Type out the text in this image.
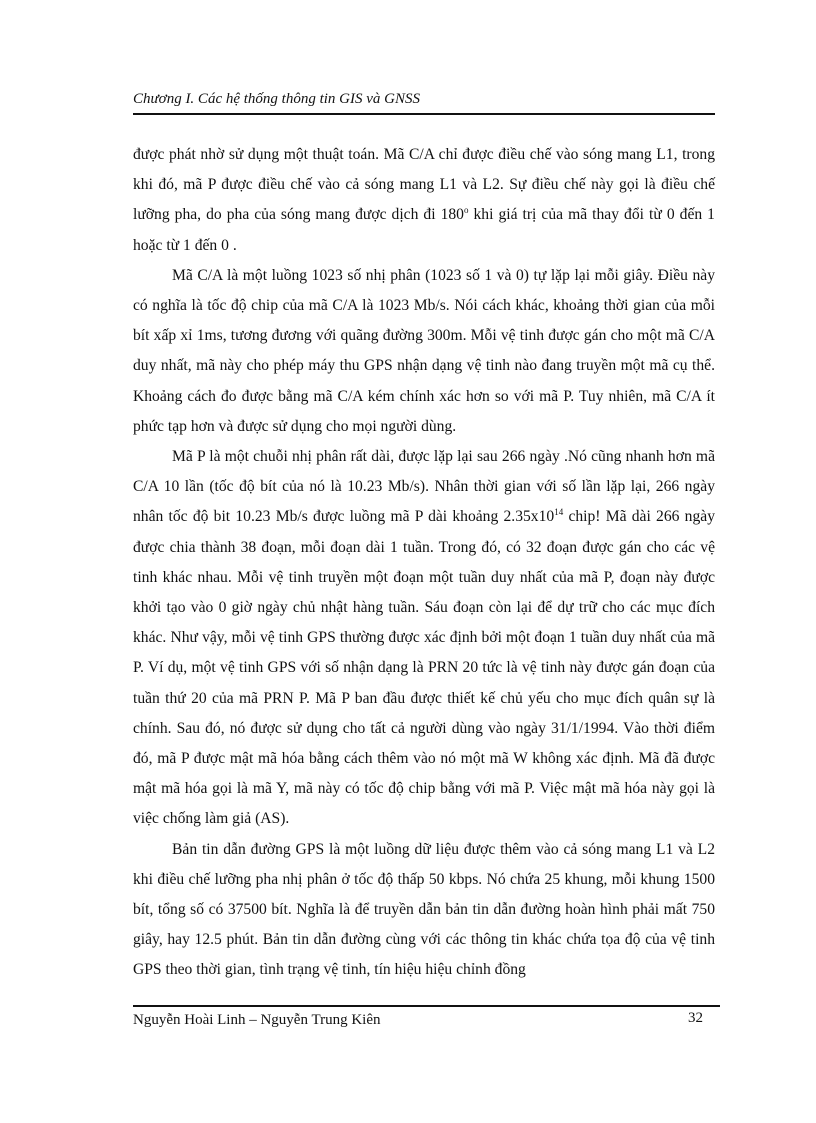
Chương I. Các hệ thống thông tin GIS và GNSS

được phát nhờ sử dụng một thuật toán. Mã C/A chỉ được điều chế vào sóng mang L1, trong khi đó, mã P được điều chế vào cả sóng mang L1 và L2. Sự điều chế này gọi là điều chế lưỡng pha, do pha của sóng mang được dịch đi 180$^o$ khi giá trị của mã thay đổi từ 0 đến 1 hoặc từ 1 đến 0 .

Mã C/A là một luồng 1023 số nhị phân (1023 số 1 và 0) tự lặp lại mỗi giây. Điều này có nghĩa là tốc độ chip của mã C/A là 1023 Mb/s. Nói cách khác, khoảng thời gian của mỗi bít xấp xỉ 1ms, tương đương với quãng đường 300m. Mỗi vệ tinh được gán cho một mã C/A duy nhất, mã này cho phép máy thu GPS nhận dạng vệ tinh nào đang truyền một mã cụ thể. Khoảng cách đo được bằng mã C/A kém chính xác hơn so với mã P. Tuy nhiên, mã C/A ít phức tạp hơn và được sử dụng cho mọi người dùng.

Mã P là một chuỗi nhị phân rất dài, được lặp lại sau 266 ngày .Nó cũng nhanh hơn mã C/A 10 lần (tốc độ bít của nó là 10.23 Mb/s). Nhân thời gian với số lần lặp lại, 266 ngày nhân tốc độ bit 10.23 Mb/s được luồng mã P dài khoảng $2.35x10^{14}$ chip! Mã dài 266 ngày được chia thành 38 đoạn, mỗi đoạn dài 1 tuần. Trong đó, có 32 đoạn được gán cho các vệ tinh khác nhau. Mỗi vệ tinh truyền một đoạn một tuần duy nhất của mã P, đoạn này được khởi tạo vào 0 giờ ngày chủ nhật hàng tuần. Sáu đoạn còn lại để dự trữ cho các mục đích khác. Như vậy, mỗi vệ tinh GPS thường được xác định bởi một đoạn 1 tuần duy nhất của mã P. Ví dụ, một vệ tinh GPS với số nhận dạng là PRN 20 tức là vệ tinh này được gán đoạn của tuần thứ 20 của mã PRN P. Mã P ban đầu được thiết kế chủ yếu cho mục đích quân sự là chính. Sau đó, nó được sử dụng cho tất cả người dùng vào ngày 31/1/1994. Vào thời điểm đó, mã P được mật mã hóa bằng cách thêm vào nó một mã W không xác định. Mã đã được mật mã hóa gọi là mã Y, mã này có tốc độ chip bằng với mã P. Việc mật mã hóa này gọi là việc chống làm giả (AS).

Bản tin dẫn đường GPS là một luồng dữ liệu được thêm vào cả sóng mang L1 và L2 khi điều chế lưỡng pha nhị phân ở tốc độ thấp 50 kbps. Nó chứa 25 khung, mỗi khung 1500 bít, tổng số có 37500 bít. Nghĩa là để truyền dẫn bản tin dẫn đường hoàn hình phải mất 750 giây, hay 12.5 phút. Bản tin dẫn đường cùng với các thông tin khác chứa tọa độ của vệ tinh GPS theo thời gian, tình trạng vệ tinh, tín hiệu hiệu chỉnh đồng

Nguyễn Hoài Linh – Nguyễn Trung Kiên	32
